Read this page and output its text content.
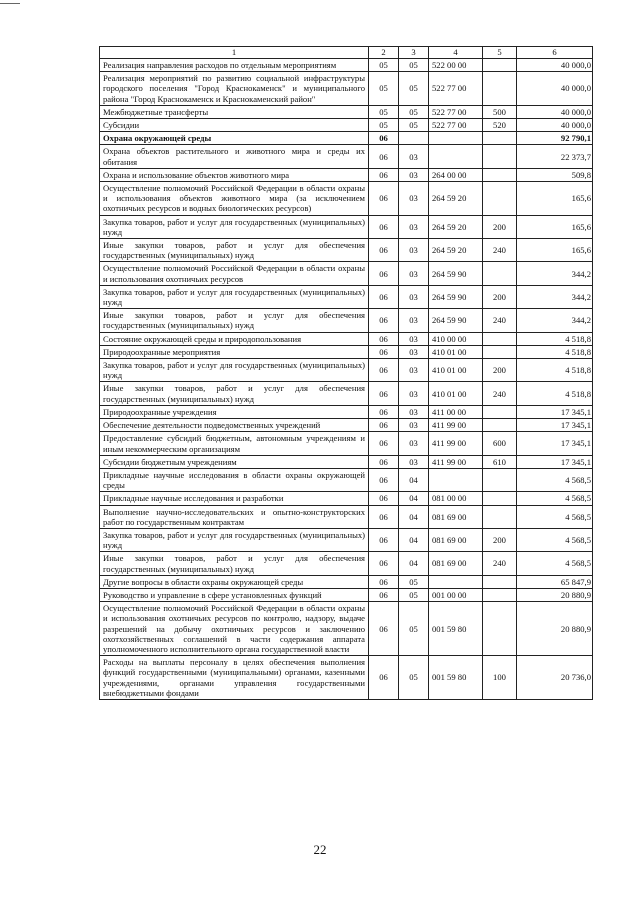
1	2	3	4	5	6
Реализация направления расходов по отдельным мероприятиям	05	05	522 00 00		40 000,0
Реализация мероприятий по развитию социальной инфраструктуры городского поселения "Город Краснокаменск" и муниципального района "Город Краснокаменск и Краснокаменский район"	05	05	522 77 00		40 000,0
Межбюджетные трансферты	05	05	522 77 00	500	40 000,0
Субсидии	05	05	522 77 00	520	40 000,0
Охрана окружающей среды	06				92 790,1
Охрана объектов растительного и животного мира и среды их обитания	06	03			22 373,7
Охрана и использование объектов животного мира	06	03	264 00 00		509,8
Осуществление полномочий Российской Федерации в области охраны и использования объектов животного мира (за исключением охотничьих ресурсов и водных биологических ресурсов)	06	03	264 59 20		165,6
Закупка товаров, работ и услуг для государственных (муниципальных) нужд	06	03	264 59 20	200	165,6
Иные закупки товаров, работ и услуг для обеспечения государственных (муниципальных) нужд	06	03	264 59 20	240	165,6
Осуществление полномочий Российской Федерации в области охраны и использования охотничьих ресурсов	06	03	264 59 90		344,2
Закупка товаров, работ и услуг для государственных (муниципальных) нужд	06	03	264 59 90	200	344,2
Иные закупки товаров, работ и услуг для обеспечения государственных (муниципальных) нужд	06	03	264 59 90	240	344,2
Состояние окружающей среды и природопользования	06	03	410 00 00		4 518,8
Природоохранные мероприятия	06	03	410 01 00		4 518,8
Закупка товаров, работ и услуг для государственных (муниципальных) нужд	06	03	410 01 00	200	4 518,8
Иные закупки товаров, работ и услуг для обеспечения государственных (муниципальных) нужд	06	03	410 01 00	240	4 518,8
Природоохранные учреждения	06	03	411 00 00		17 345,1
Обеспечение деятельности подведомственных учреждений	06	03	411 99 00		17 345,1
Предоставление субсидий бюджетным, автономным учреждениям и иным некоммерческим организациям	06	03	411 99 00	600	17 345,1
Субсидии бюджетным учреждениям	06	03	411 99 00	610	17 345,1
Прикладные научные исследования в области охраны окружающей среды	06	04			4 568,5
Прикладные научные исследования и разработки	06	04	081 00 00		4 568,5
Выполнение научно-исследовательских и опытно-конструкторских работ по государственным контрактам	06	04	081 69 00		4 568,5
Закупка товаров, работ и услуг для государственных (муниципальных) нужд	06	04	081 69 00	200	4 568,5
Иные закупки товаров, работ и услуг для обеспечения государственных (муниципальных) нужд	06	04	081 69 00	240	4 568,5
Другие вопросы в области охраны окружающей среды	06	05			65 847,9
Руководство и управление в сфере установленных функций	06	05	001 00 00		20 880,9
Осуществление полномочий Российской Федерации в области охраны и использования охотничьих ресурсов по контролю, надзору, выдаче разрешений на добычу охотничьих ресурсов и заключению охотхозяйственных соглашений в части содержания аппарата уполномоченного исполнительного органа государственной власти	06	05	001 59 80		20 880,9
Расходы на выплаты персоналу в целях обеспечения выполнения функций государственными (муниципальными) органами, казенными учреждениями, органами управления государственными внебюджетными фондами	06	05	001 59 80	100	20 736,0
22
